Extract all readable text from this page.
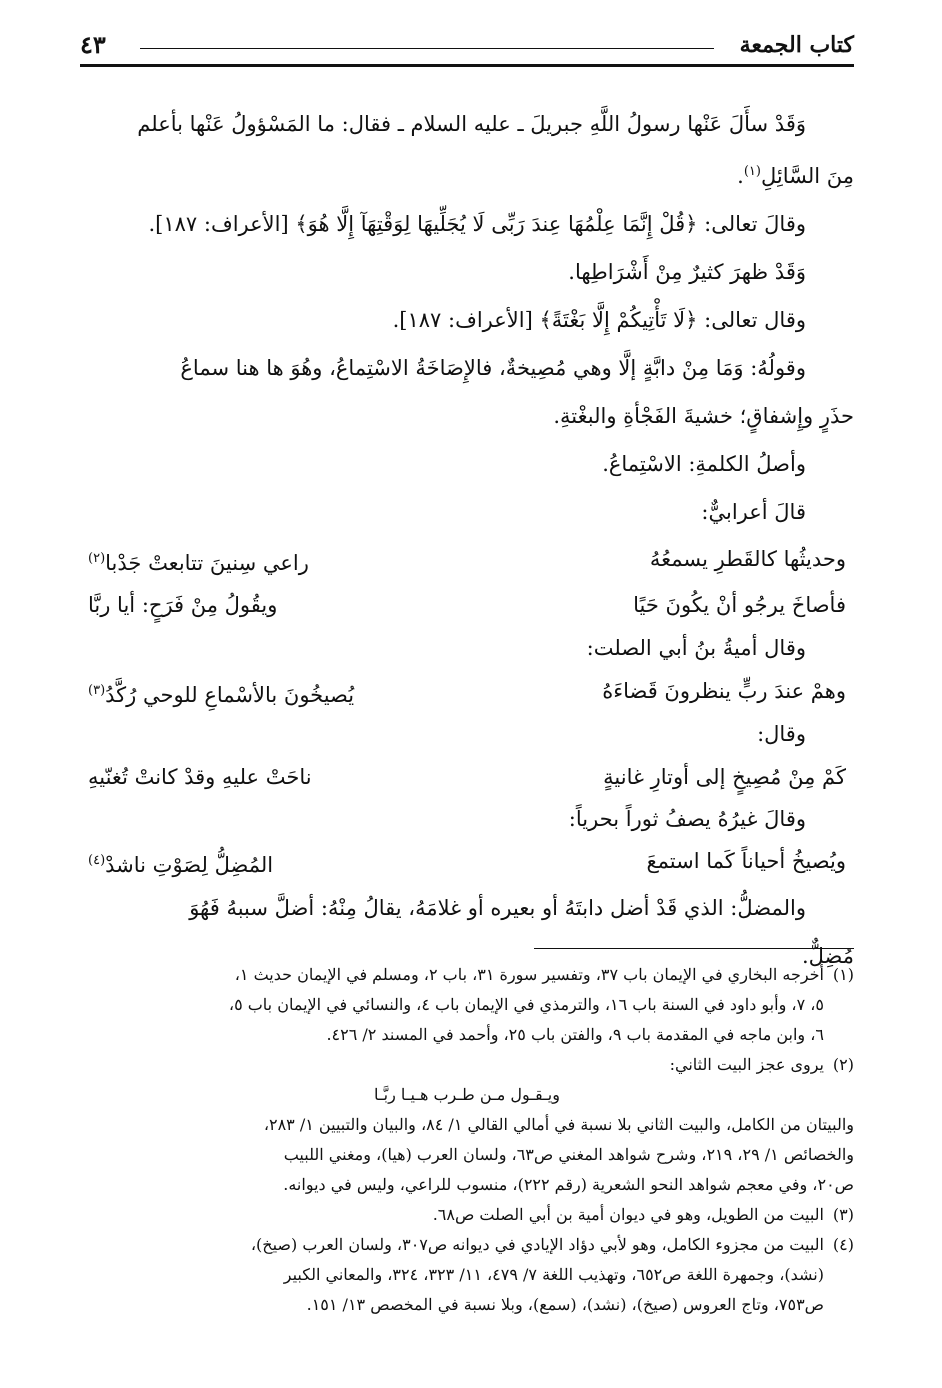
كتاب الجمعة
٤٣

وَقَدْ سأَلَ عَنْها رسولُ اللَّهِ جبريلَ ـ عليه السلام ـ فقال: ما المَسْؤولُ عَنْها بأعلم

مِنَ السَّائِلِ$^{(١)}$.

وقالَ تعالى: ﴿قُلْ إِنَّمَا عِلْمُهَا عِندَ رَبِّى لَا يُجَلِّيهَا لِوَقْتِهَآ إِلَّا هُوَ﴾ [الأعراف: ١٨٧].

وَقَدْ ظهرَ كثيرٌ مِنْ أَشْرَاطِها.

وقال تعالى: ﴿لَا تَأْتِيكُمْ إِلَّا بَغْتَةً﴾ [الأعراف: ١٨٧].

وقولُهُ: وَمَا مِنْ دابَّةٍ إلَّا وهي مُصِيخةٌ، فالإِصَاخَةُ الاسْتِماعُ، وهُوَ ها هنا سماعُ

حذَرٍ وإِشفاقٍ؛ خشيةَ الفَجْأةِ والبغْتةِ.

وأصلُ الكلمةِ: الاسْتِماعُ.

قالَ أعرابيٌّ:

وحديثُها كالقَطرِ يسمعُهُ
راعي سِنينَ تتابعتْ جَدْبا$^{(٢)}$
فأصاخَ يرجُو أنْ يكُونَ حَيًا
ويقُولُ مِنْ فَرَحٍ: أيا ربَّا

وقال أميةُ بنُ أبي الصلت:

وهمْ عندَ ربٍّ ينظرونَ قَضاءَهُ
يُصيخُونَ بالأسْماعِ للوحي رُكَّدُ$^{(٣)}$

وقال:

كَمْ مِنْ مُصِيخٍ إلى أوتارِ غانيةٍ
ناحَتْ عليهِ وقدْ كانتْ تُغنّيهِ

وقالَ غيرُهُ يصفُ ثوراً بحرياً:

ويُصيخُ أحياناً كَما استمعَ
المُضِلُّ لِصَوْتِ ناشدْ$^{(٤)}$

والمضلُّ: الذي قَدْ أضل دابتَهُ أو بعيره أو غلامَهُ، يقالُ مِنْهُ: أضلَّ سببهُ فَهُوَ

مُضِلٌّ.

(١)أخرجه البخاري في الإيمان باب ٣٧، وتفسير سورة ٣١، باب ٢، ومسلم في الإيمان حديث ١،

٥، ٧، وأبو داود في السنة باب ١٦، والترمذي في الإيمان باب ٤، والنسائي في الإيمان باب ٥،

٦، وابن ماجه في المقدمة باب ٩، والفتن باب ٢٥، وأحمد في المسند ٢/ ٤٢٦.

(٢)يروى عجز البيت الثاني:

ويـقـول مـن طـرب هـيـا ربَّـا

والبيتان من الكامل، والبيت الثاني بلا نسبة في أمالي القالي ١/ ٨٤، والبيان والتبيين ١/ ٢٨٣،

والخصائص ١/ ٢٩، ٢١٩، وشرح شواهد المغني ص٦٣، ولسان العرب (هيا)، ومغني اللبيب

ص٢٠، وفي معجم شواهد النحو الشعرية (رقم ٢٢٢)، منسوب للراعي، وليس في ديوانه.

(٣)البيت من الطويل، وهو في ديوان أمية بن أبي الصلت ص٦٨.

(٤)البيت من مجزوء الكامل، وهو لأبي دؤاد الإيادي في ديوانه ص٣٠٧، ولسان العرب (صيخ)،

(نشد)، وجمهرة اللغة ص٦٥٢، وتهذيب اللغة ٧/ ٤٧٩، ١١/ ٣٢٣، ٣٢٤، والمعاني الكبير

ص٧٥٣، وتاج العروس (صيخ)، (نشد)، (سمع)، وبلا نسبة في المخصص ١٣/ ١٥١.
